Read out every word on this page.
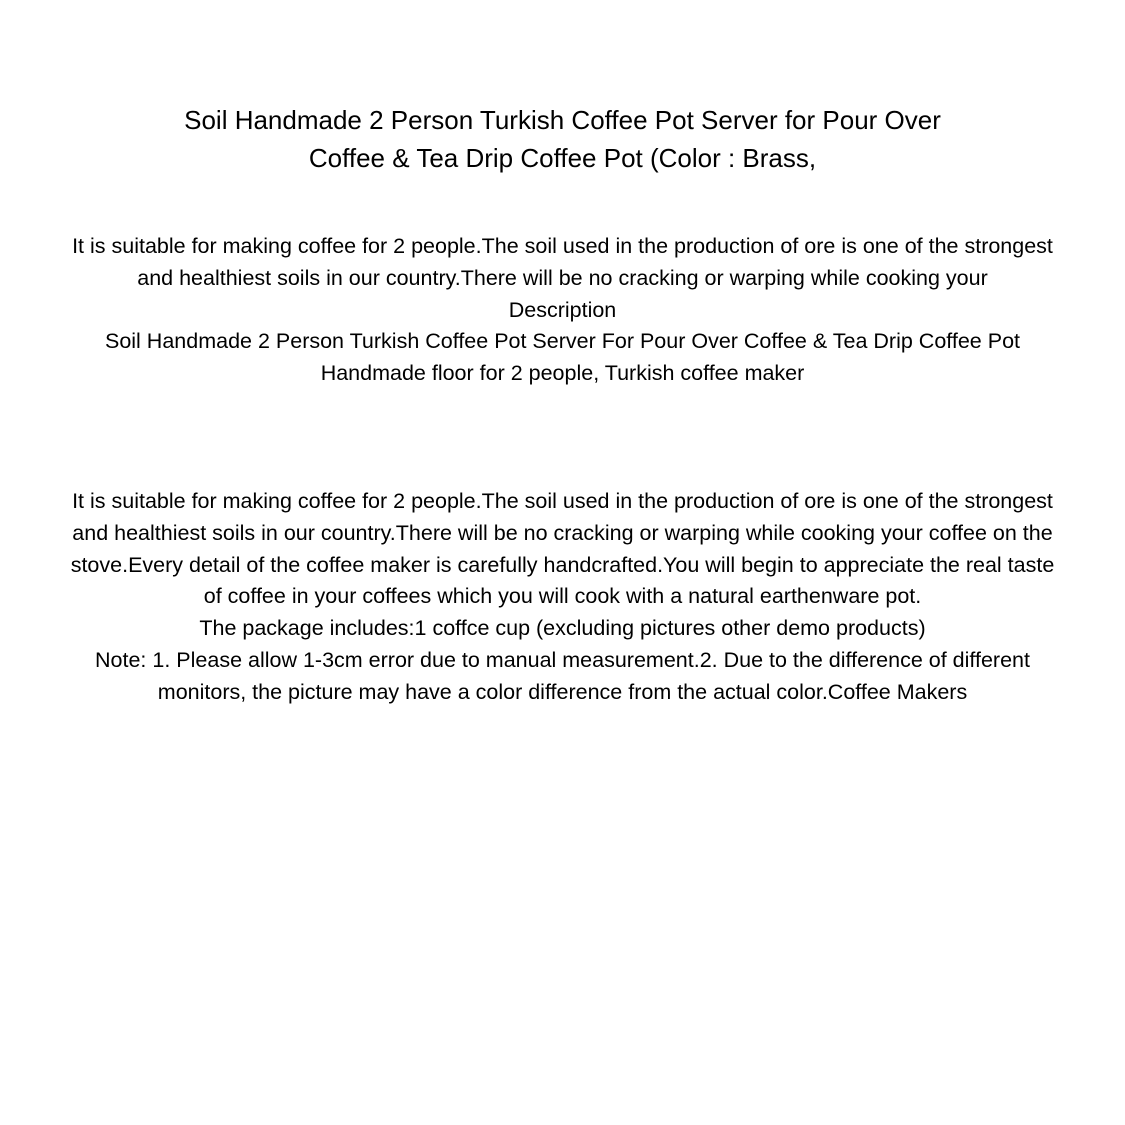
Soil Handmade 2 Person Turkish Coffee Pot Server for Pour Over
Coffee & Tea Drip Coffee Pot (Color : Brass,

It is suitable for making coffee for 2 people.The soil used in the production of ore is one of the strongest and healthiest soils in our country.There will be no cracking or warping while cooking your

Description

Soil Handmade 2 Person Turkish Coffee Pot Server For Pour Over Coffee & Tea Drip Coffee Pot Handmade floor for 2 people, Turkish coffee maker

It is suitable for making coffee for 2 people.The soil used in the production of ore is one of the strongest and healthiest soils in our country.There will be no cracking or warping while cooking your coffee on the stove.Every detail of the coffee maker is carefully handcrafted.You will begin to appreciate the real taste of coffee in your coffees which you will cook with a natural earthenware pot.

The package includes:1 coffce cup (excluding pictures other demo products)

Note: 1. Please allow 1-3cm error due to manual measurement.2. Due to the difference of different monitors, the picture may have a color difference from the actual color.Coffee Makers
